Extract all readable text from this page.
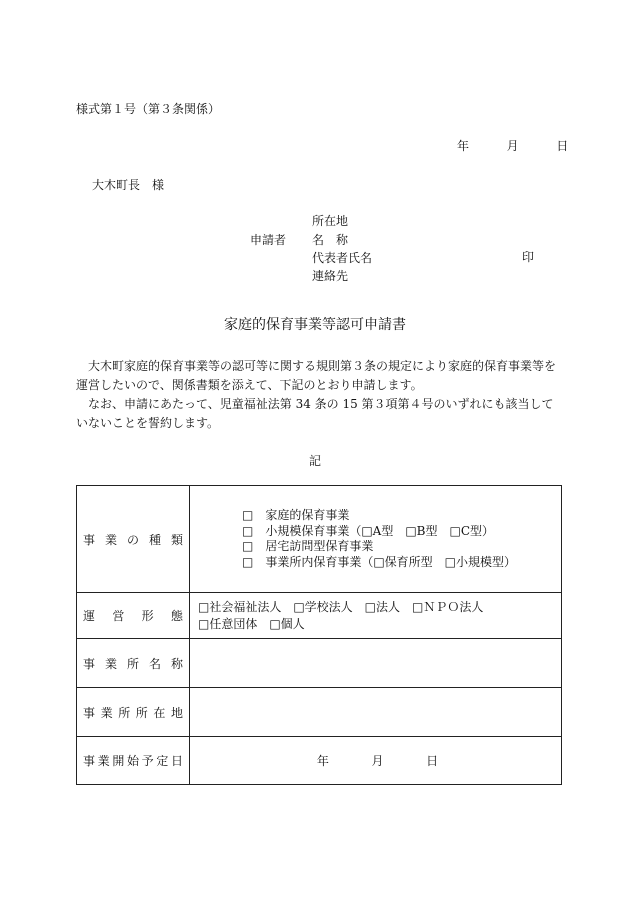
様式第１号（第３条関係）
年	月	日
大木町長　様
申請者
所在地
名　称
代表者氏名
連絡先
印
家庭的保育事業等認可申請書

大木町家庭的保育事業等の認可等に関する規則第３条の規定により家庭的保育事業等を運営したいので、関係書類を添えて、下記のとおり申請します。

なお、申請にあたって、児童福祉法第 34 条の 15 第３項第４号のいずれにも該当していないことを誓約します。

記
事業の種類	□　家庭的保育事業
□　小規模保育事業（□A型　□B型　□C型）
□　居宅訪問型保育事業
□　事業所内保育事業（□保育所型　□小規模型）

運営形態	□社会福祉法人　□学校法人　□法人　□ＮＰＯ法人
□任意団体　□個人

事業所名称	
事業所所在地	
事業開始予定日	年 月 日
